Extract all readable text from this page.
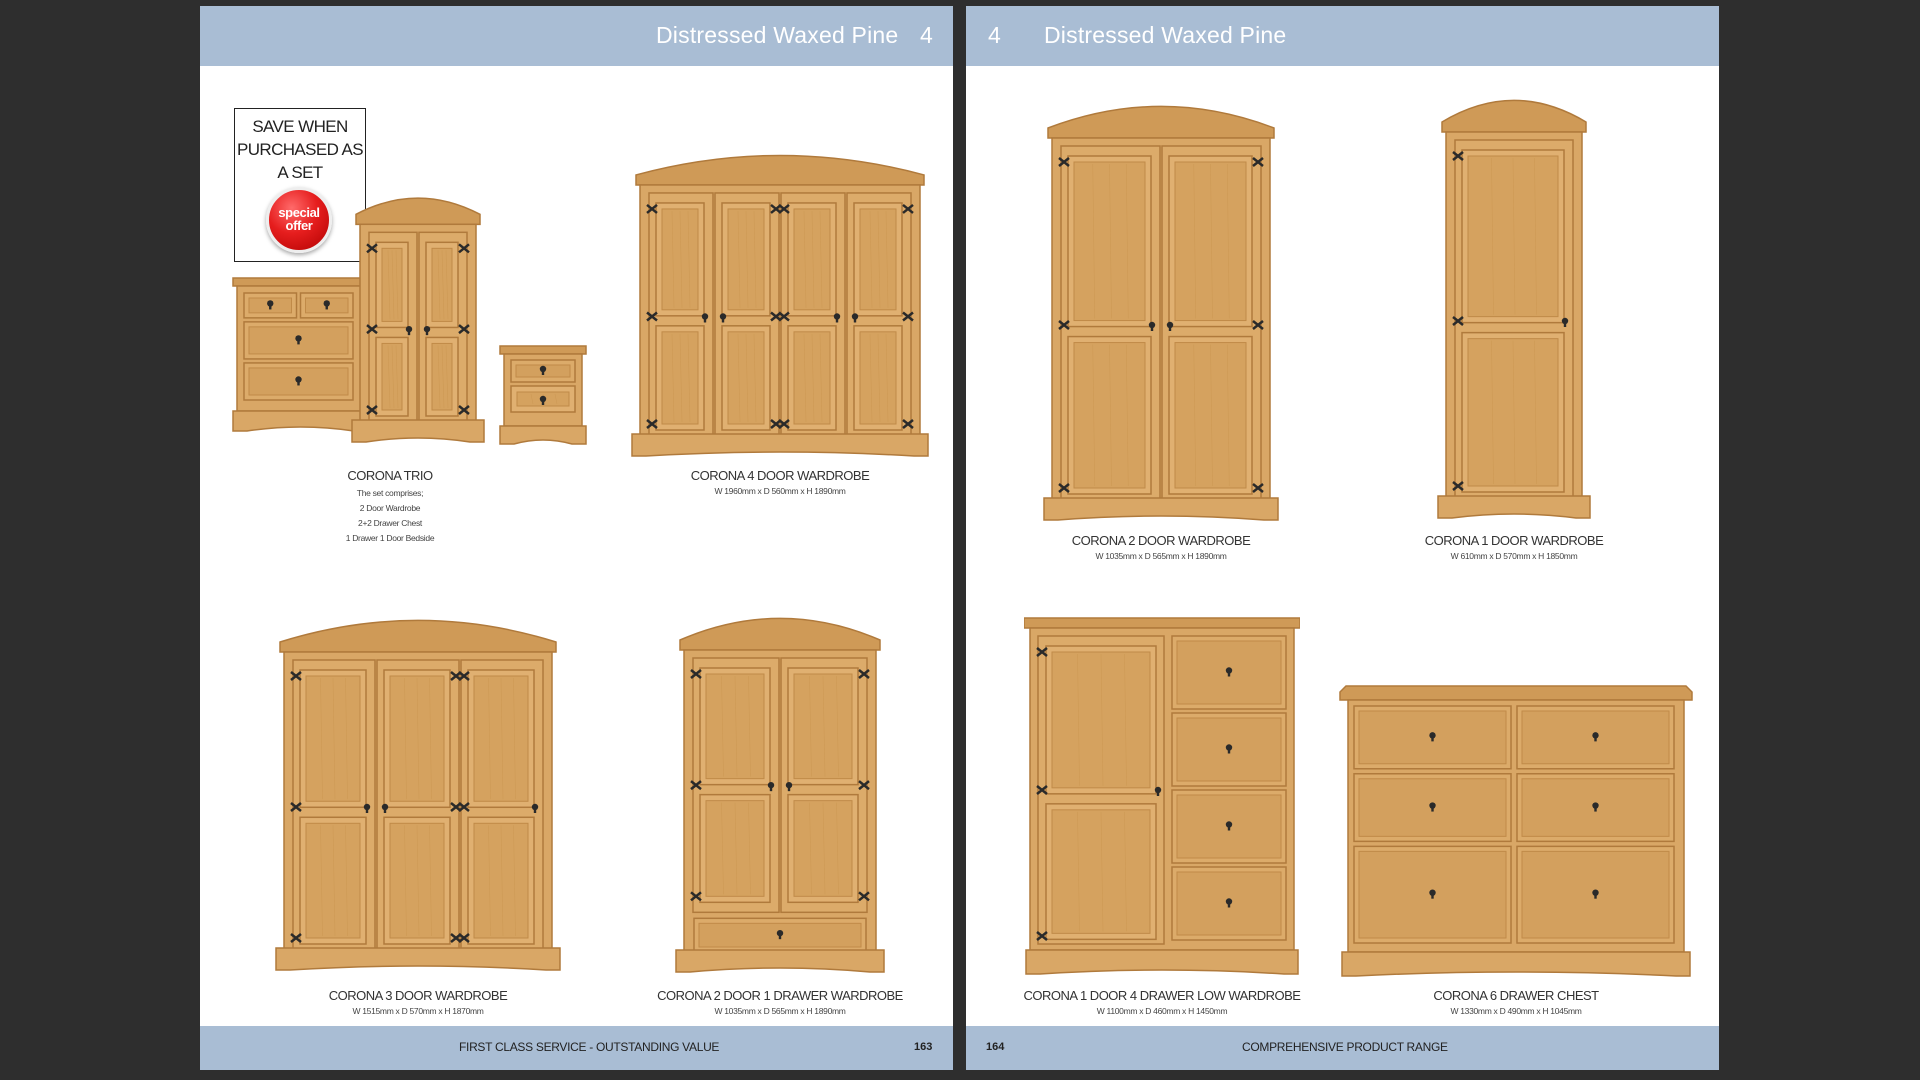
Distressed Waxed Pine 4
SAVE WHEN PURCHASED AS A SET
special
offer
CORONA TRIO
The set comprises;
2 Door Wardrobe
2+2 Drawer Chest
1 Drawer 1 Door Bedside
CORONA 4 DOOR WARDROBE
W 1960mm x D 560mm x H 1890mm
CORONA 3 DOOR WARDROBE
W 1515mm x D 570mm x H 1870mm
CORONA 2 DOOR 1 DRAWER WARDROBE
W 1035mm x D 565mm x H 1890mm
FIRST CLASS SERVICE - OUTSTANDING VALUE	163
4 Distressed Waxed Pine
CORONA 2 DOOR WARDROBE
W 1035mm x D 565mm x H 1890mm
CORONA 1 DOOR WARDROBE
W 610mm x D 570mm x H 1850mm
CORONA 1 DOOR 4 DRAWER LOW WARDROBE
W 1100mm x D 460mm x H 1450mm
CORONA 6 DRAWER CHEST
W 1330mm x D 490mm x H 1045mm
164	COMPREHENSIVE PRODUCT RANGE
